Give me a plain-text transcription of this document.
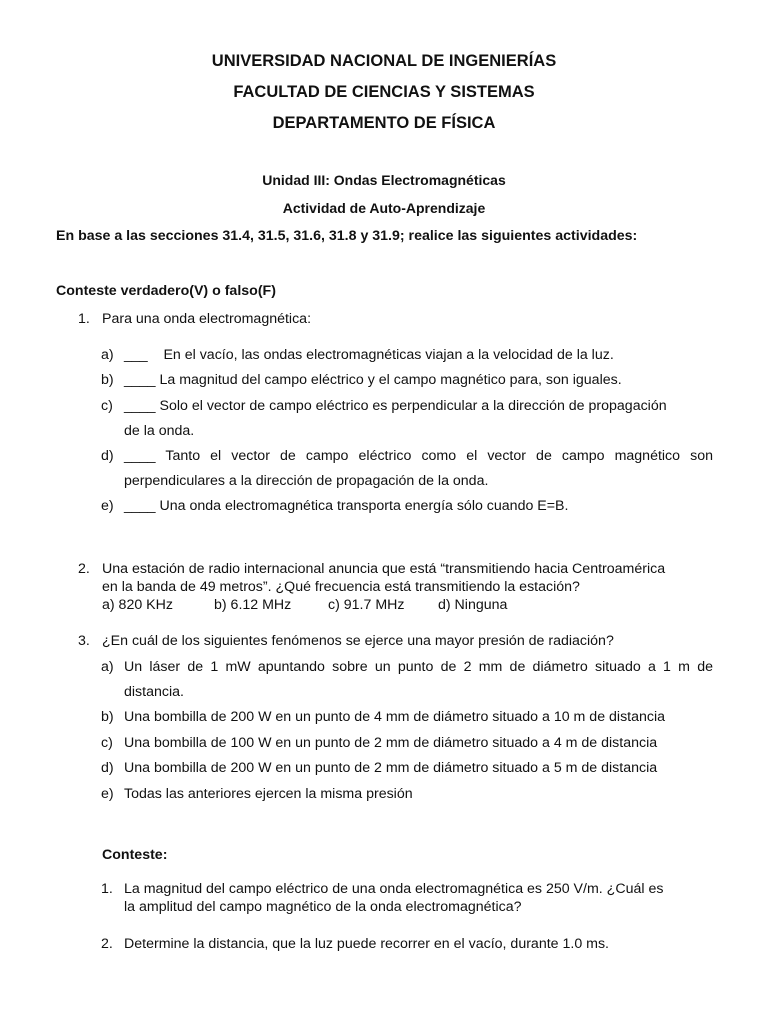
UNIVERSIDAD NACIONAL DE INGENIERÍAS
FACULTAD DE CIENCIAS Y SISTEMAS
DEPARTAMENTO DE FÍSICA
Unidad III: Ondas Electromagnéticas
Actividad de Auto-Aprendizaje
En base a las secciones 31.4, 31.5, 31.6, 31.8 y 31.9; realice las siguientes actividades:
Conteste verdadero(V) o falso(F)
1. Para una onda electromagnética:
a) ___    En el vacío, las ondas electromagnéticas viajan a la velocidad de la luz.
b) ____ La magnitud del campo eléctrico y el campo magnético para, son iguales.
c) ____ Solo el vector de campo eléctrico es perpendicular a la dirección de propagación
de la onda.
d) ____ Tanto el vector de campo eléctrico como el vector de campo magnético son
perpendiculares a la dirección de propagación de la onda.
e) ____ Una onda electromagnética transporta energía sólo cuando E=B.
2. Una estación de radio internacional anuncia que está “transmitiendo hacia Centroamérica
en la banda de 49 metros”. ¿Qué frecuencia está transmitiendo la estación?
a) 820 KHz	b) 6.12 MHz	c) 91.7 MHz d) Ninguna
3. ¿En cuál de los siguientes fenómenos se ejerce una mayor presión de radiación?
a) Un láser de 1 mW apuntando sobre un punto de 2 mm de diámetro situado a 1 m de
distancia.
b) Una bombilla de 200 W en un punto de 4 mm de diámetro situado a 10 m de distancia
c) Una bombilla de 100 W en un punto de 2 mm de diámetro situado a 4 m de distancia
d) Una bombilla de 200 W en un punto de 2 mm de diámetro situado a 5 m de distancia
e) Todas las anteriores ejercen la misma presión
Conteste:
1. La magnitud del campo eléctrico de una onda electromagnética es 250 V/m. ¿Cuál es
la amplitud del campo magnético de la onda electromagnética?
2. Determine la distancia, que la luz puede recorrer en el vacío, durante 1.0 ms.
